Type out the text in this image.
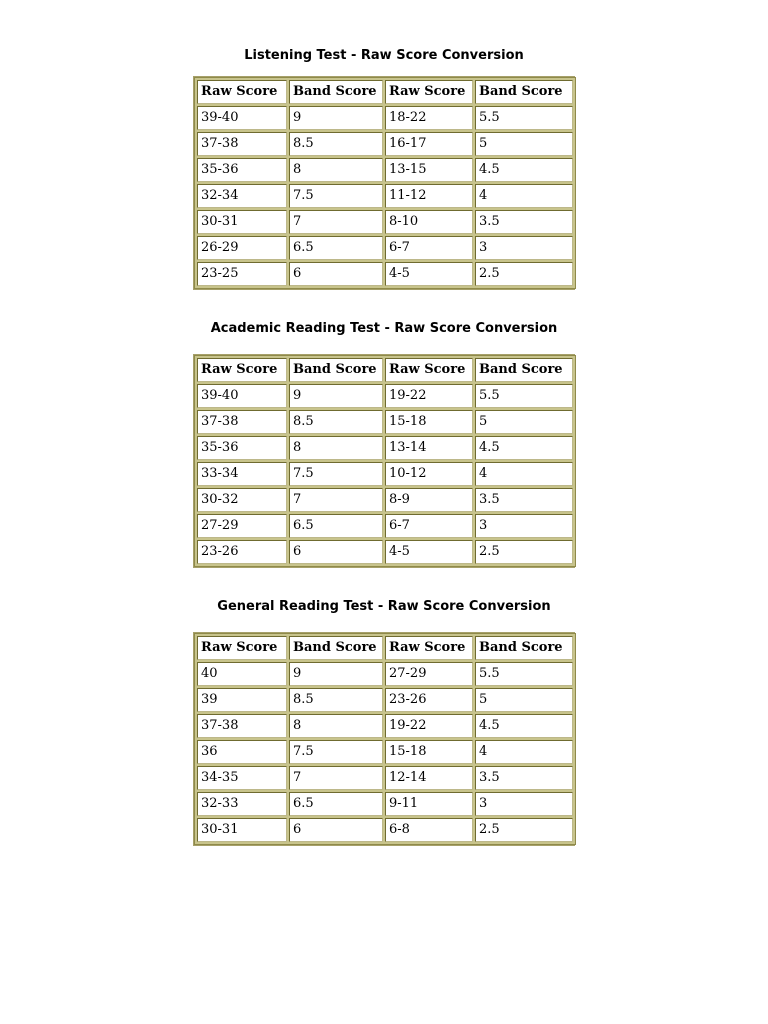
Listening Test - Raw Score Conversion
Raw Score	Band Score	Raw Score	Band Score
39-40	9	18-22	5.5
37-38	8.5	16-17	5
35-36	8	13-15	4.5
32-34	7.5	11-12	4
30-31	7	8-10	3.5
26-29	6.5	6-7	3
23-25	6	4-5	2.5
Academic Reading Test - Raw Score Conversion
Raw Score	Band Score	Raw Score	Band Score
39-40	9	19-22	5.5
37-38	8.5	15-18	5
35-36	8	13-14	4.5
33-34	7.5	10-12	4
30-32	7	8-9	3.5
27-29	6.5	6-7	3
23-26	6	4-5	2.5
General Reading Test - Raw Score Conversion
Raw Score	Band Score	Raw Score	Band Score
40	9	27-29	5.5
39	8.5	23-26	5
37-38	8	19-22	4.5
36	7.5	15-18	4
34-35	7	12-14	3.5
32-33	6.5	9-11	3
30-31	6	6-8	2.5
